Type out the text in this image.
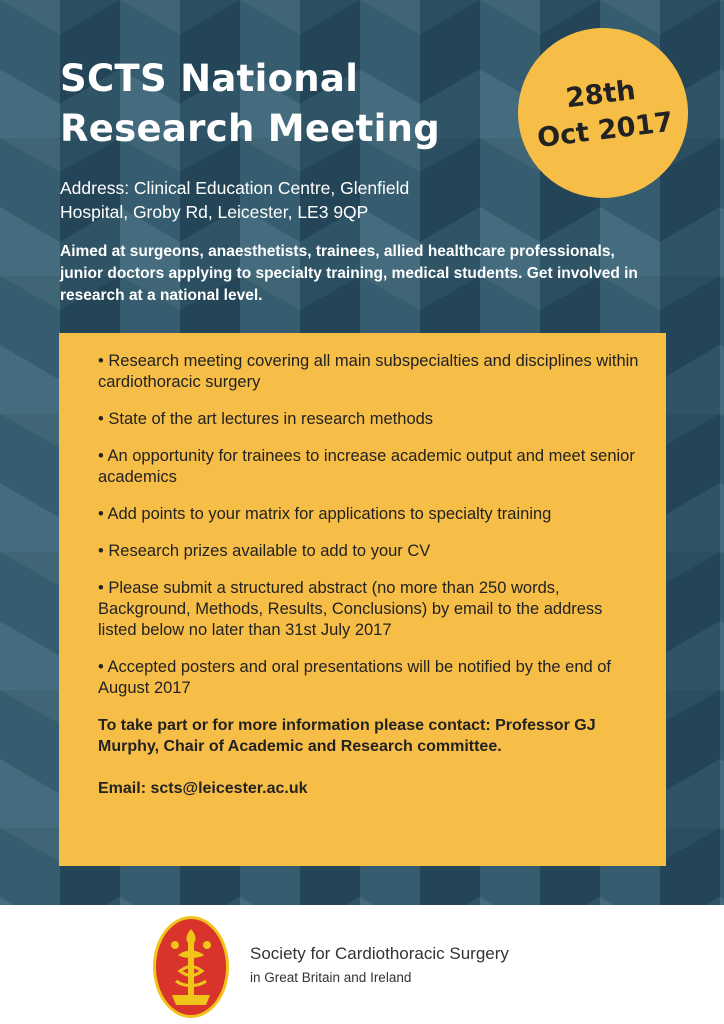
SCTS National
Research Meeting
28th
Oct 2017

Address: Clinical Education Centre, Glenfield Hospital, Groby Rd, Leicester, LE3 9QP

Aimed at surgeons, anaesthetists, trainees, allied healthcare professionals, junior doctors applying to specialty training, medical students. Get involved in research at a national level.

• Research meeting covering all main subspecialties and disciplines within cardiothoracic surgery
• State of the art lectures in research methods
• An opportunity for trainees to increase academic output and meet senior academics
• Add points to your matrix for applications to specialty training
• Research prizes available to add to your CV
• Please submit a structured abstract (no more than 250 words, Background, Methods, Results, Conclusions) by email to the address listed below no later than 31st July 2017
• Accepted posters and oral presentations will be notified by the end of August 2017

To take part or for more information please contact: Professor GJ Murphy, Chair of Academic and Research committee.

Email: scts@leicester.ac.uk

Society for Cardiothoracic Surgery

in Great Britain and Ireland
